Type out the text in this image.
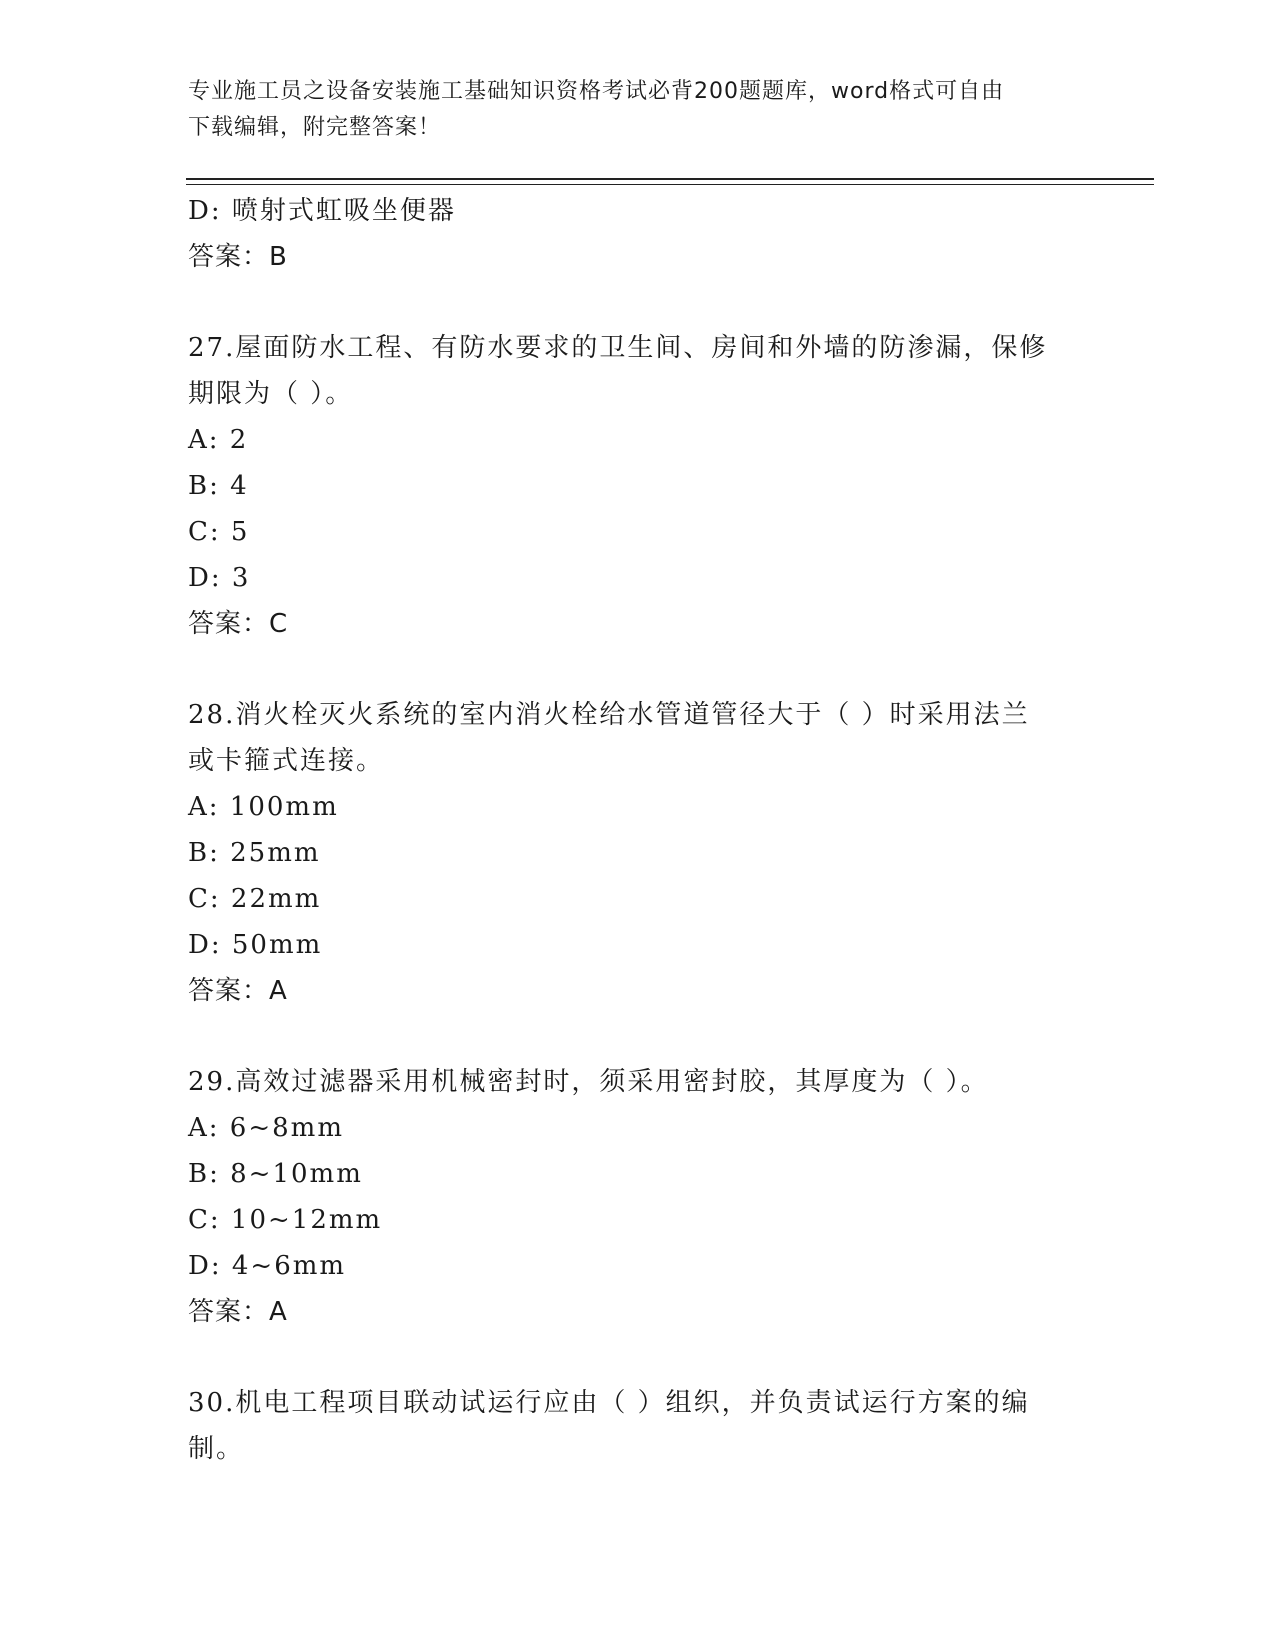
专业施工员之设备安装施工基础知识资格考试必背200题题库，word格式可自由
下载编辑，附完整答案！
D: 喷射式虹吸坐便器
答案：B
27.屋面防水工程、有防水要求的卫生间、房间和外墙的防渗漏，保修
期限为（ ）。
A: 2
B: 4
C: 5
D: 3
答案：C
28.消火栓灭火系统的室内消火栓给水管道管径大于（ ）时采用法兰
或卡箍式连接。
A: 100mm
B: 25mm
C: 22mm
D: 50mm
答案：A
29.高效过滤器采用机械密封时，须采用密封胶，其厚度为（ ）。
A: 6~8mm
B: 8~10mm
C: 10~12mm
D: 4~6mm
答案：A
30.机电工程项目联动试运行应由（ ）组织，并负责试运行方案的编
制。
